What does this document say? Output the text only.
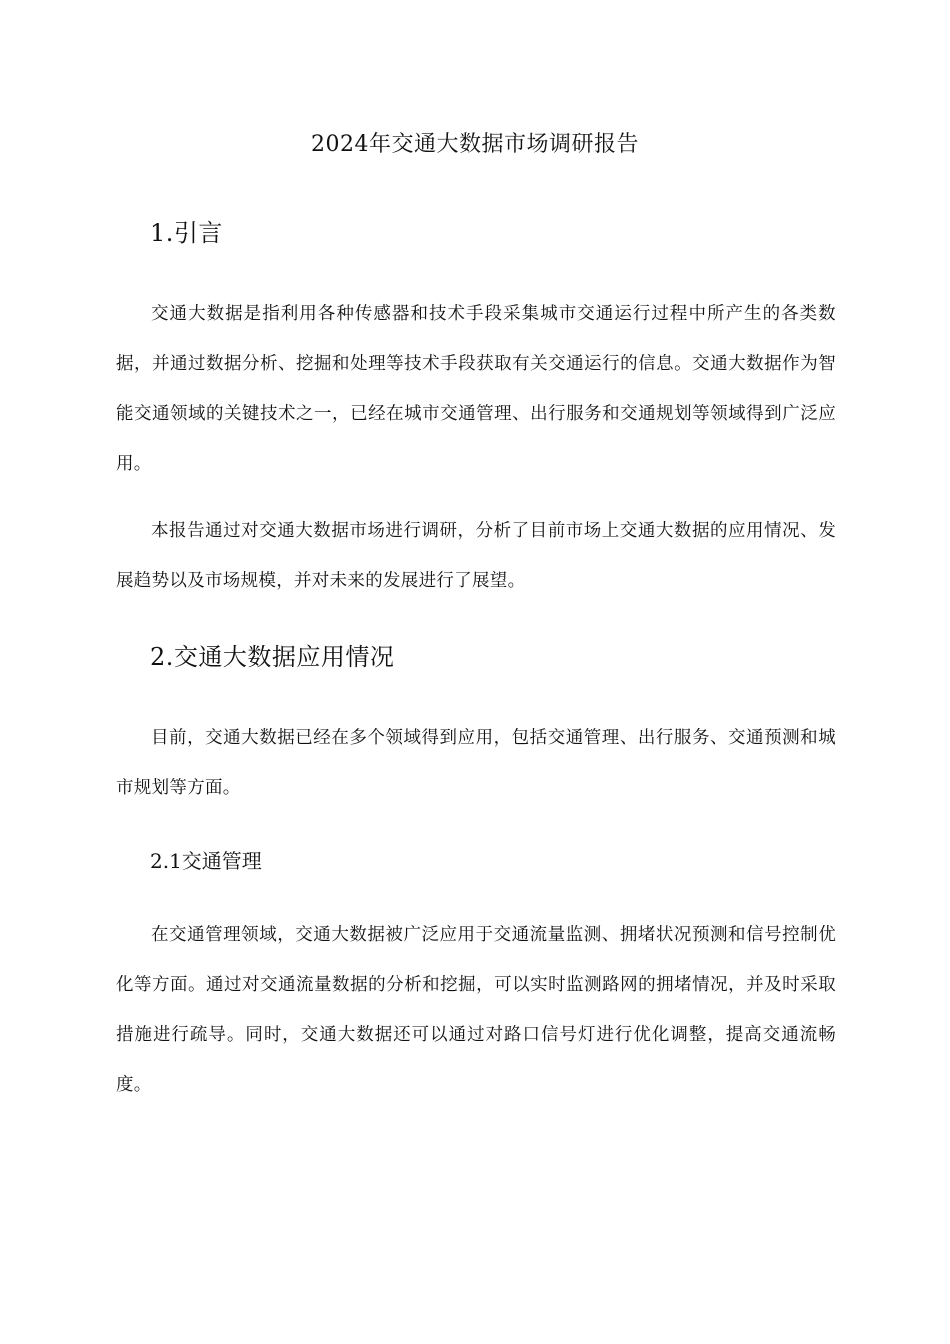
2024年交通大数据市场调研报告
1.引言

交通大数据是指利用各种传感器和技术手段采集城市交通运行过程中所产生的各类数据，并通过数据分析、挖掘和处理等技术手段获取有关交通运行的信息。交通大数据作为智能交通领域的关键技术之一，已经在城市交通管理、出行服务和交通规划等领域得到广泛应用。

本报告通过对交通大数据市场进行调研，分析了目前市场上交通大数据的应用情况、发展趋势以及市场规模，并对未来的发展进行了展望。

2.交通大数据应用情况

目前，交通大数据已经在多个领域得到应用，包括交通管理、出行服务、交通预测和城市规划等方面。

2.1交通管理

在交通管理领域，交通大数据被广泛应用于交通流量监测、拥堵状况预测和信号控制优化等方面。通过对交通流量数据的分析和挖掘，可以实时监测路网的拥堵情况，并及时采取措施进行疏导。同时，交通大数据还可以通过对路口信号灯进行优化调整，提高交通流畅度。
